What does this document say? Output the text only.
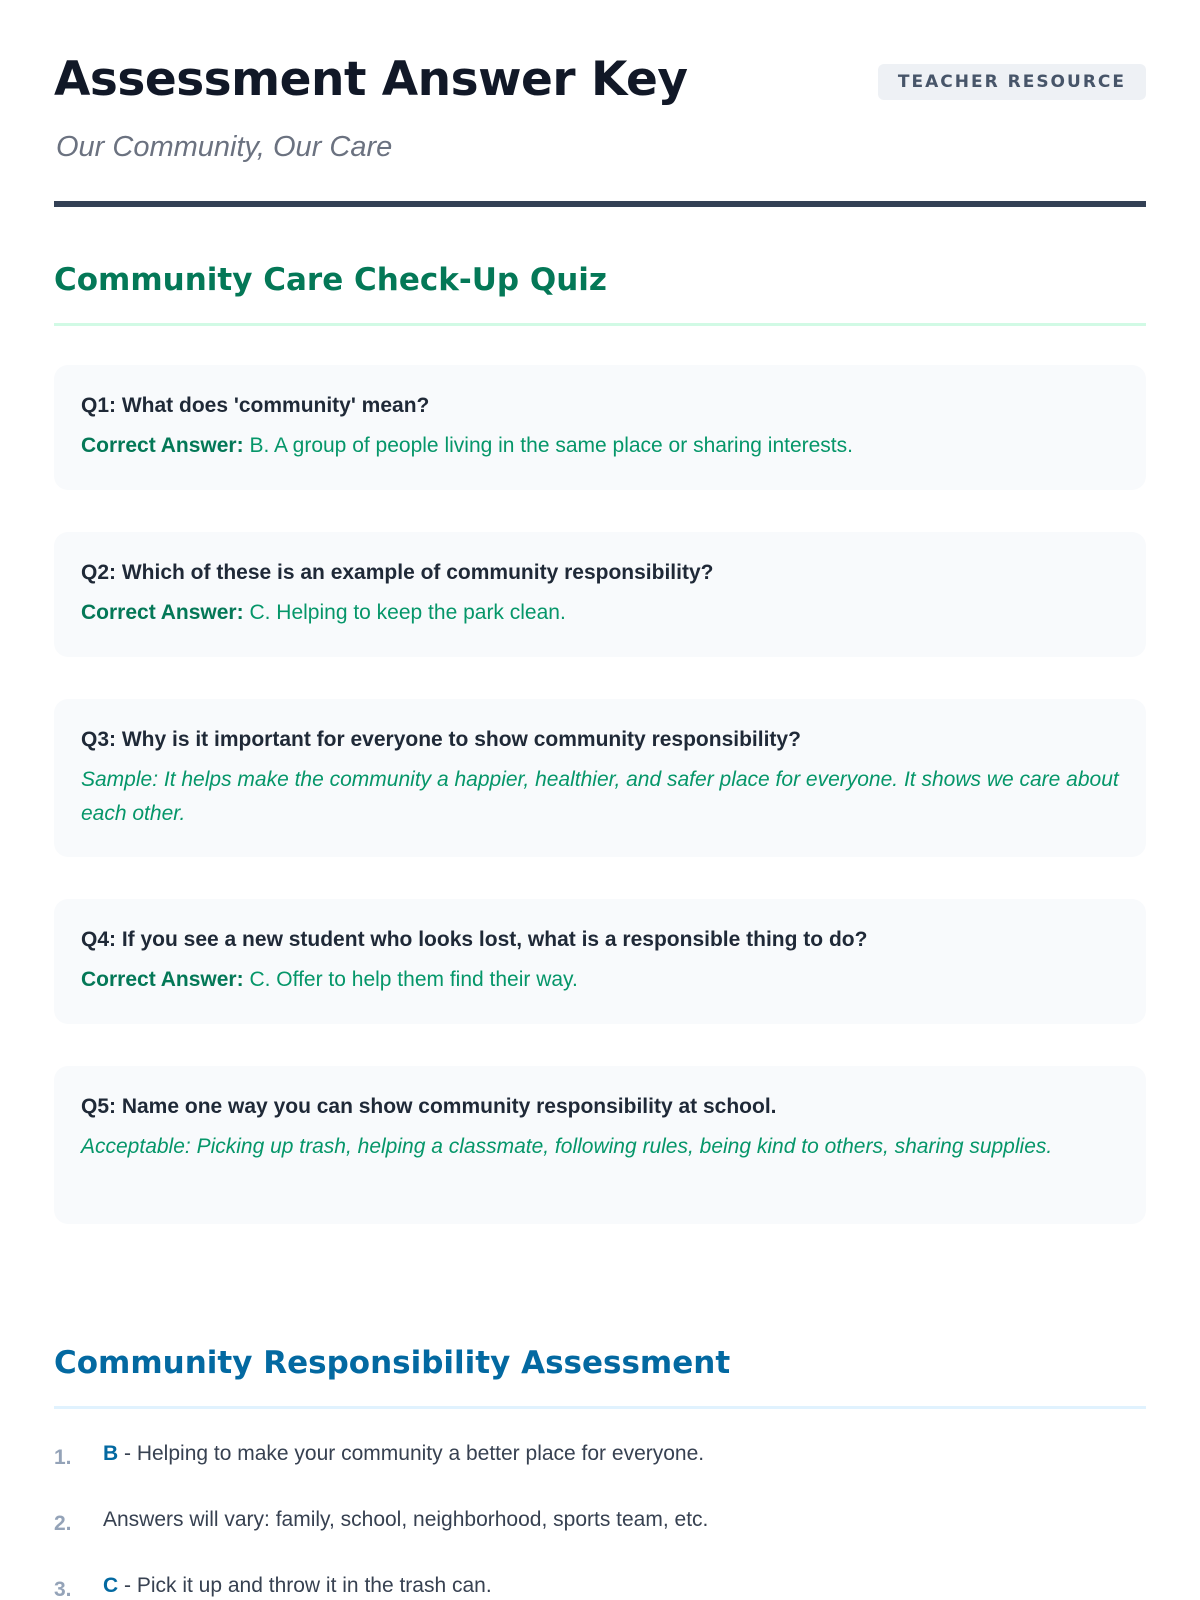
Assessment Answer Key

Our Community, Our Care

TEACHER RESOURCE
Community Care Check-Up Quiz
Q1: What does 'community' mean?
Correct Answer: B. A group of people living in the same place or sharing interests.
Q2: Which of these is an example of community responsibility?
Correct Answer: C. Helping to keep the park clean.
Q3: Why is it important for everyone to show community responsibility?
Sample: It helps make the community a happier, healthier, and safer place for everyone. It shows we care about each other.
Q4: If you see a new student who looks lost, what is a responsible thing to do?
Correct Answer: C. Offer to help them find their way.
Q5: Name one way you can show community responsibility at school.
Acceptable: Picking up trash, helping a classmate, following rules, being kind to others, sharing supplies.
Community Responsibility Assessment
1. B - Helping to make your community a better place for everyone.
2. Answers will vary: family, school, neighborhood, sports team, etc.
3. C - Pick it up and throw it in the trash can.
